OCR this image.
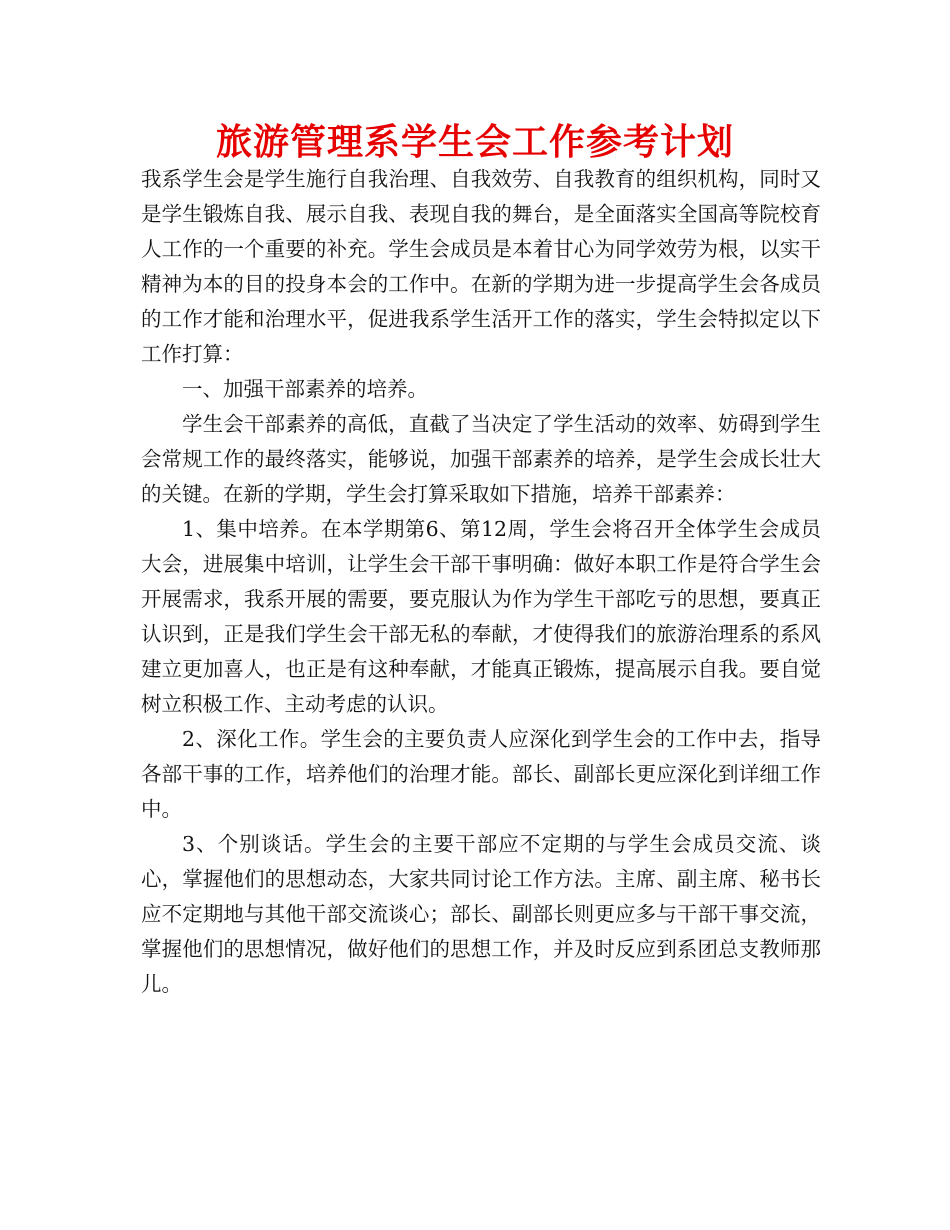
旅游管理系学生会工作参考计划

我系学生会是学生施行自我治理、自我效劳、自我教育的组织机构，同时又是学生锻炼自我、展示自我、表现自我的舞台，是全面落实全国高等院校育人工作的一个重要的补充。学生会成员是本着甘心为同学效劳为根，以实干精神为本的目的投身本会的工作中。在新的学期为进一步提高学生会各成员的工作才能和治理水平，促进我系学生活开工作的落实，学生会特拟定以下工作打算：

一、加强干部素养的培养。

学生会干部素养的高低，直截了当决定了学生活动的效率、妨碍到学生会常规工作的最终落实，能够说，加强干部素养的培养，是学生会成长壮大的关键。在新的学期，学生会打算采取如下措施，培养干部素养：

1、集中培养。在本学期第6、第12周，学生会将召开全体学生会成员大会，进展集中培训，让学生会干部干事明确：做好本职工作是符合学生会开展需求，我系开展的需要，要克服认为作为学生干部吃亏的思想，要真正认识到，正是我们学生会干部无私的奉献，才使得我们的旅游治理系的系风建立更加喜人，也正是有这种奉献，才能真正锻炼，提高展示自我。要自觉树立积极工作、主动考虑的认识。

2、深化工作。学生会的主要负责人应深化到学生会的工作中去，指导各部干事的工作，培养他们的治理才能。部长、副部长更应深化到详细工作中。

3、个别谈话。学生会的主要干部应不定期的与学生会成员交流、谈心，掌握他们的思想动态，大家共同讨论工作方法。主席、副主席、秘书长应不定期地与其他干部交流谈心；部长、副部长则更应多与干部干事交流，掌握他们的思想情况，做好他们的思想工作，并及时反应到系团总支教师那儿。
